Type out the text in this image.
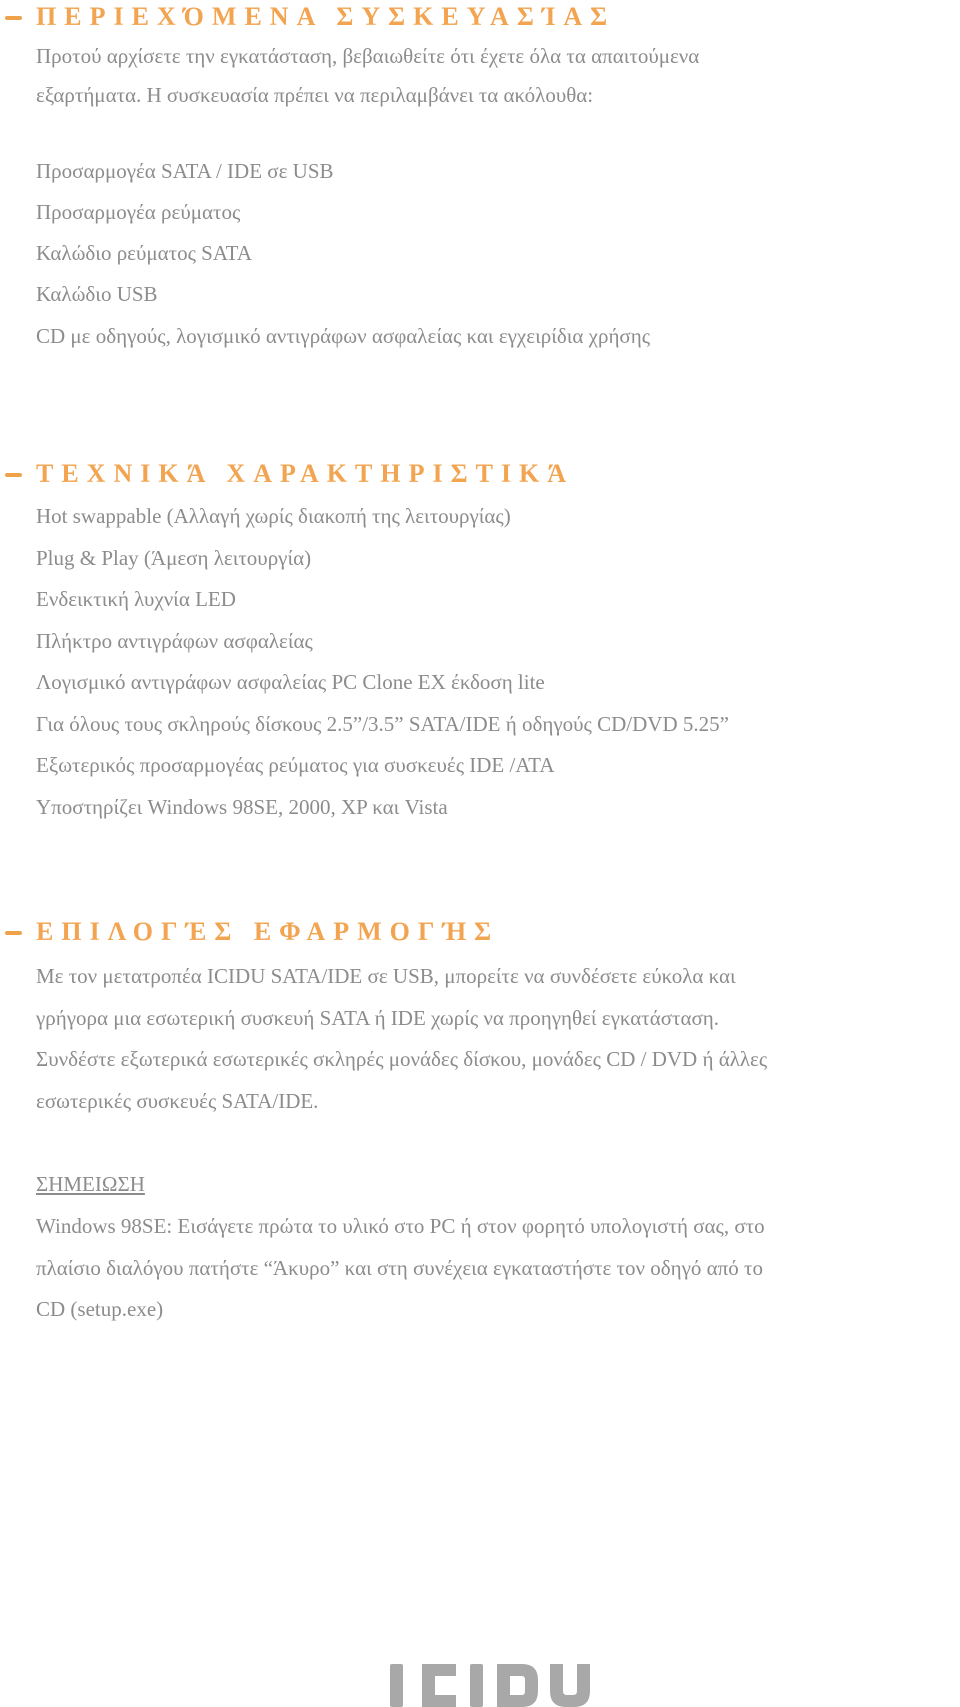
ΠΕΡΙΕΧΌΜΕΝΑ ΣΥΣΚΕΥΑΣΊΑΣ
Προτού αρχίσετε την εγκατάσταση, βεβαιωθείτε ότι έχετε όλα τα απαιτούμενα
εξαρτήματα. Η συσκευασία πρέπει να περιλαμβάνει τα ακόλουθα:
Προσαρμογέα SATA / IDE σε USB
Προσαρμογέα ρεύματος
Καλώδιο ρεύματος SATA
Καλώδιο USB
CD με οδηγούς, λογισμικό αντιγράφων ασφαλείας και εγχειρίδια χρήσης
ΤΕΧΝΙΚΆ ΧΑΡΑΚΤΗΡΙΣΤΙΚΆ
Hot swappable (Αλλαγή χωρίς διακοπή της λειτουργίας)
Plug & Play (Άμεση λειτουργία)
Ενδεικτική λυχνία LED
Πλήκτρο αντιγράφων ασφαλείας
Λογισμικό αντιγράφων ασφαλείας PC Clone EX έκδοση lite
Για όλους τους σκληρούς δίσκους 2.5”/3.5” SATA/IDE ή οδηγούς CD/DVD 5.25”
Εξωτερικός προσαρμογέας ρεύματος για συσκευές IDE /ATA
Υποστηρίζει Windows 98SE, 2000, XP και Vista
ΕΠΙΛΟΓΈΣ ΕΦΑΡΜΟΓΉΣ
Με τον μετατροπέα ICIDU SATA/IDE σε USB, μπορείτε να συνδέσετε εύκολα και
γρήγορα μια εσωτερική συσκευή SATA ή IDE χωρίς να προηγηθεί εγκατάσταση.
Συνδέστε εξωτερικά εσωτερικές σκληρές μονάδες δίσκου, μονάδες CD / DVD ή άλλες
εσωτερικές συσκευές SATA/IDE.
ΣΗΜΕΙΩΣΗ
Windows 98SE: Εισάγετε πρώτα το υλικό στο PC ή στον φορητό υπολογιστή σας, στο
πλαίσιο διαλόγου πατήστε “Άκυρο” και στη συνέχεια εγκαταστήστε τον οδηγό από το
CD (setup.exe)
